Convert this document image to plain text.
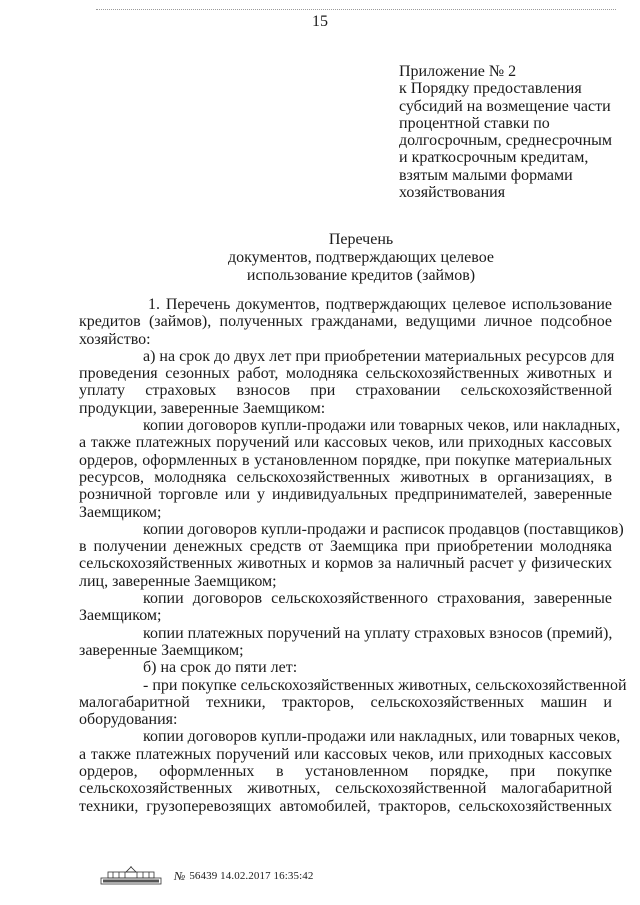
15
Приложение № 2
к Порядку предоставления
субсидий на возмещение части
процентной ставки по
долгосрочным, среднесрочным
и краткосрочным кредитам,
взятым малыми формами
хозяйствования
Перечень
документов, подтверждающих целевое
использование кредитов (займов)
1. Перечень документов, подтверждающих целевое использование
кредитов (займов), полученных гражданами, ведущими личное подсобное
хозяйство:
а) на срок до двух лет при приобретении материальных ресурсов для
проведения сезонных работ, молодняка сельскохозяйственных животных и
уплату страховых взносов при страховании сельскохозяйственной
продукции, заверенные Заемщиком:
копии договоров купли-продажи или товарных чеков, или накладных,
а также платежных поручений или кассовых чеков, или приходных кассовых
ордеров, оформленных в установленном порядке, при покупке материальных
ресурсов, молодняка сельскохозяйственных животных в организациях, в
розничной торговле или у индивидуальных предпринимателей, заверенные
Заемщиком;
копии договоров купли-продажи и расписок продавцов (поставщиков)
в получении денежных средств от Заемщика при приобретении молодняка
сельскохозяйственных животных и кормов за наличный расчет у физических
лиц, заверенные Заемщиком;
копии договоров сельскохозяйственного страхования, заверенные
Заемщиком;
копии платежных поручений на уплату страховых взносов (премий),
заверенные Заемщиком;
б) на срок до пяти лет:
- при покупке сельскохозяйственных животных, сельскохозяйственной
малогабаритной техники, тракторов, сельскохозяйственных машин и
оборудования:
копии договоров купли-продажи или накладных, или товарных чеков,
а также платежных поручений или кассовых чеков, или приходных кассовых
ордеров, оформленных в установленном порядке, при покупке
сельскохозяйственных животных, сельскохозяйственной малогабаритной
техники, грузоперевозящих автомобилей, тракторов, сельскохозяйственных
№ 56439 14.02.2017 16:35:42
